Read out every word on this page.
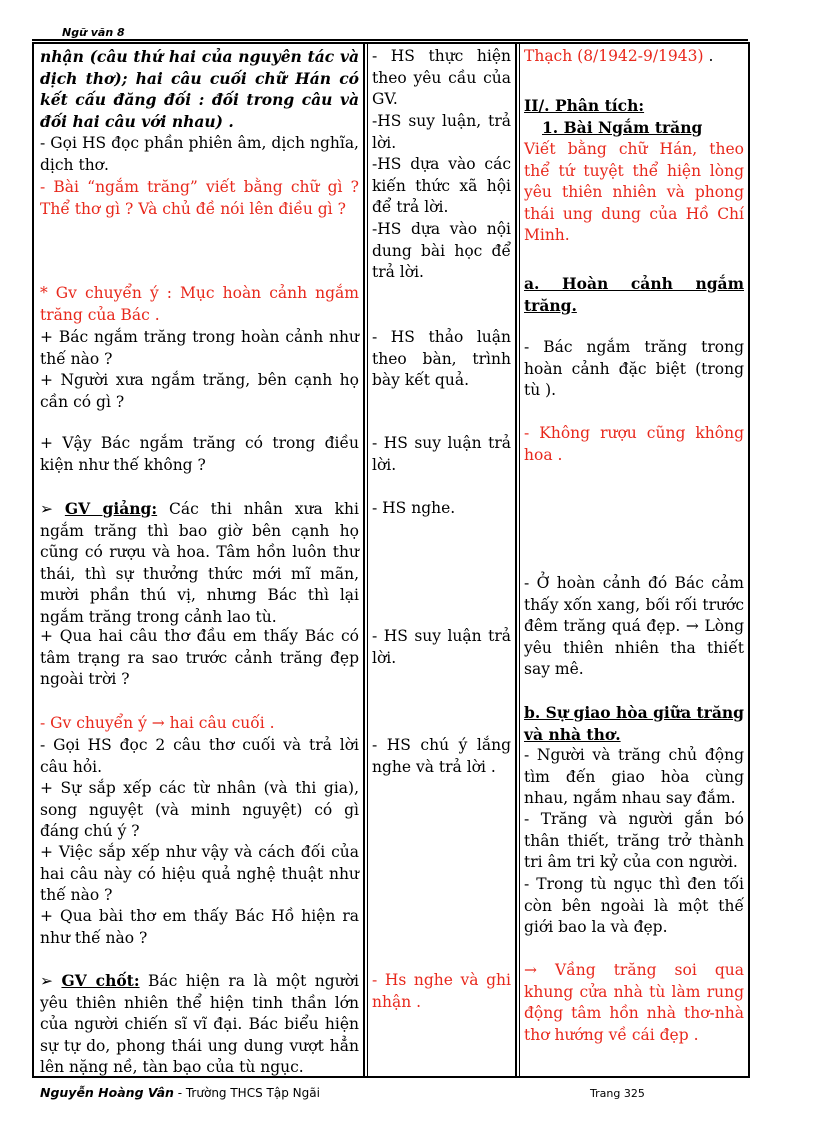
Ngữ văn 8
nhận (câu thứ hai của nguyên tác và dịch thơ); hai câu cuối chữ Hán có kết cấu đăng đối : đối trong câu và đối hai câu với nhau) .
- Gọi HS đọc phần phiên âm, dịch nghĩa, dịch thơ.
- Bài “ngắm trăng” viết bằng chữ gì ? Thể thơ gì ? Và chủ đề nói lên điều gì ?
* Gv chuyển ý : Mục hoàn cảnh ngắm trăng của Bác .
+ Bác ngắm trăng trong hoàn cảnh như thế nào ?
+ Người xưa ngắm trăng, bên cạnh họ cần có gì ?
+ Vậy Bác ngắm trăng có trong điều kiện như thế không ?
➢ GV giảng: Các thi nhân xưa khi ngắm trăng thì bao giờ bên cạnh họ cũng có rượu và hoa. Tâm hồn luôn thư thái, thì sự thưởng thức mới mĩ mãn, mười phần thú vị, nhưng Bác thì lại ngắm trăng trong cảnh lao tù.
+ Qua hai câu thơ đầu em thấy Bác có tâm trạng ra sao trước cảnh trăng đẹp ngoài trời ?
- Gv chuyển ý → hai câu cuối .
- Gọi HS đọc 2 câu thơ cuối và trả lời câu hỏi.
+ Sự sắp xếp các từ nhân (và thi gia), song nguyệt (và minh nguyệt) có gì đáng chú ý ?
+ Việc sắp xếp như vậy và cách đối của hai câu này có hiệu quả nghệ thuật như thế nào ?
+ Qua bài thơ em thấy Bác Hồ hiện ra như thế nào ?
➢ GV chốt: Bác hiện ra là một người yêu thiên nhiên thể hiện tinh thần lớn của người chiến sĩ vĩ đại. Bác biểu hiện sự tự do, phong thái ung dung vượt hẳn lên nặng nề, tàn bạo của tù ngục.
- HS thực hiện theo yêu cầu của GV.
-HS suy luận, trả lời.
-HS dựa vào các kiến thức xã hội để trả lời.
-HS dựa vào nội dung bài học để trả lời.
- HS thảo luận theo bàn, trình bày kết quả.
- HS suy luận trả lời.
- HS nghe.
- HS suy luận trả lời.
- HS chú ý lắng nghe và trả lời .
- Hs nghe và ghi nhận .
Thạch (8/1942-9/1943) .
II/. Phân tích:
1. Bài Ngắm trăng
Viết bằng chữ Hán, theo thể tứ tuyệt thể hiện lòng yêu thiên nhiên và phong thái ung dung của Hồ Chí Minh.
a. Hoàn cảnh ngắm trăng.
- Bác ngắm trăng trong hoàn cảnh đặc biệt (trong tù ).
- Không rượu cũng không hoa .
- Ở hoàn cảnh đó Bác cảm thấy xốn xang, bối rối trước đêm trăng quá đẹp. → Lòng yêu thiên nhiên tha thiết say mê.
b. Sự giao hòa giữa trăng và nhà thơ.
- Người và trăng chủ động tìm đến giao hòa cùng nhau, ngắm nhau say đắm.
- Trăng và người gắn bó thân thiết, trăng trở thành tri âm tri kỷ của con người.
- Trong tù ngục thì đen tối còn bên ngoài là một thế giới bao la và đẹp.
→ Vầng trăng soi qua khung cửa nhà tù làm rung động tâm hồn nhà thơ-nhà thơ hướng về cái đẹp .
Nguyễn Hoàng Vân - Trường THCS Tập Ngãi	Trang 325
